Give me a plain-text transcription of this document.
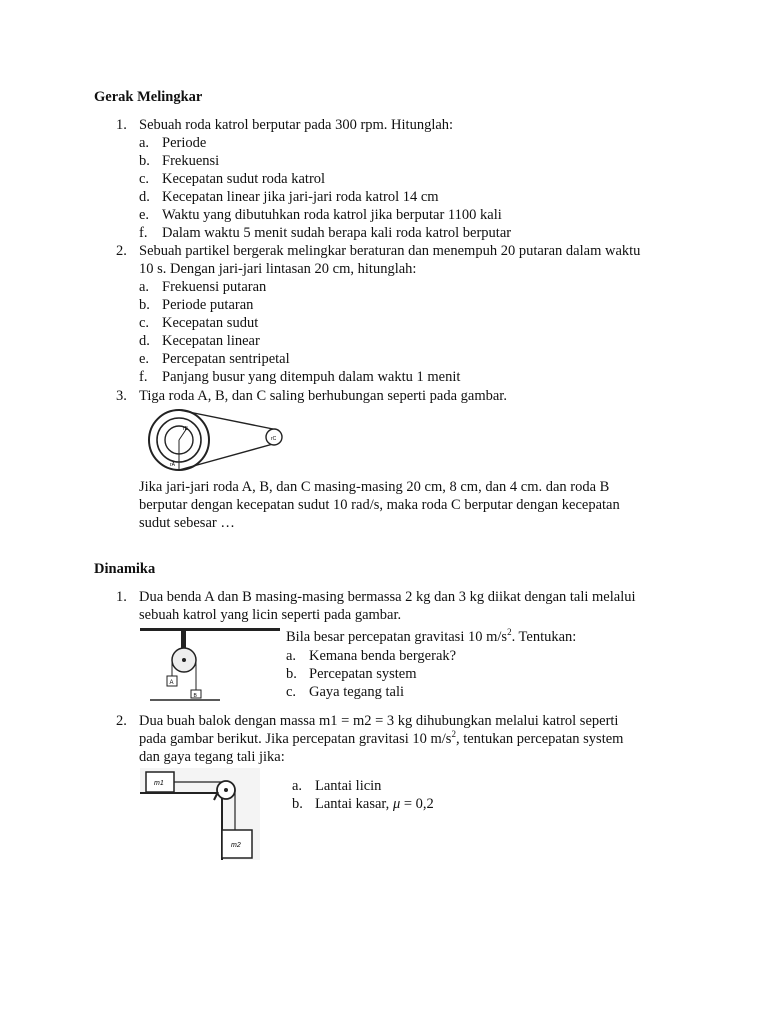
Gerak Melingkar
1. Sebuah roda katrol berputar pada 300 rpm. Hitunglah:
a. Periode
b. Frekuensi
c. Kecepatan sudut roda katrol
d. Kecepatan linear jika jari-jari roda katrol 14 cm
e. Waktu yang dibutuhkan roda katrol jika berputar 1100 kali
f. Dalam waktu 5 menit sudah berapa kali roda katrol berputar
2. Sebuah partikel bergerak melingkar beraturan dan menempuh 20 putaran dalam waktu
10 s. Dengan jari-jari lintasan 20 cm, hitunglah:
a. Frekuensi putaran
b. Periode putaran
c. Kecepatan sudut
d. Kecepatan linear
e. Percepatan sentripetal
f. Panjang busur yang ditempuh dalam waktu 1 menit
3. Tiga roda A, B, dan C saling berhubungan seperti pada gambar.
rB
rA
rC
Jika jari-jari roda A, B, dan C masing-masing 20 cm, 8 cm, dan 4 cm. dan roda B
berputar dengan kecepatan sudut 10 rad/s, maka roda C berputar dengan kecepatan
sudut sebesar …
Dinamika
1. Dua benda A dan B masing-masing bermassa 2 kg dan 3 kg diikat dengan tali melalui
sebuah katrol yang licin seperti pada gambar.
A
B
Bila besar percepatan gravitasi 10 $m/s^2$. Tentukan:
a. Kemana benda bergerak?
b. Percepatan system
c. Gaya tegang tali
2. Dua buah balok dengan massa m1 = m2 = 3 kg dihubungkan melalui katrol seperti
pada gambar berikut. Jika percepatan gravitasi 10 $m/s^2$, tentukan percepatan system
dan gaya tegang tali jika:
m1
m2
a. Lantai licin
b. Lantai kasar, μ = 0,2
